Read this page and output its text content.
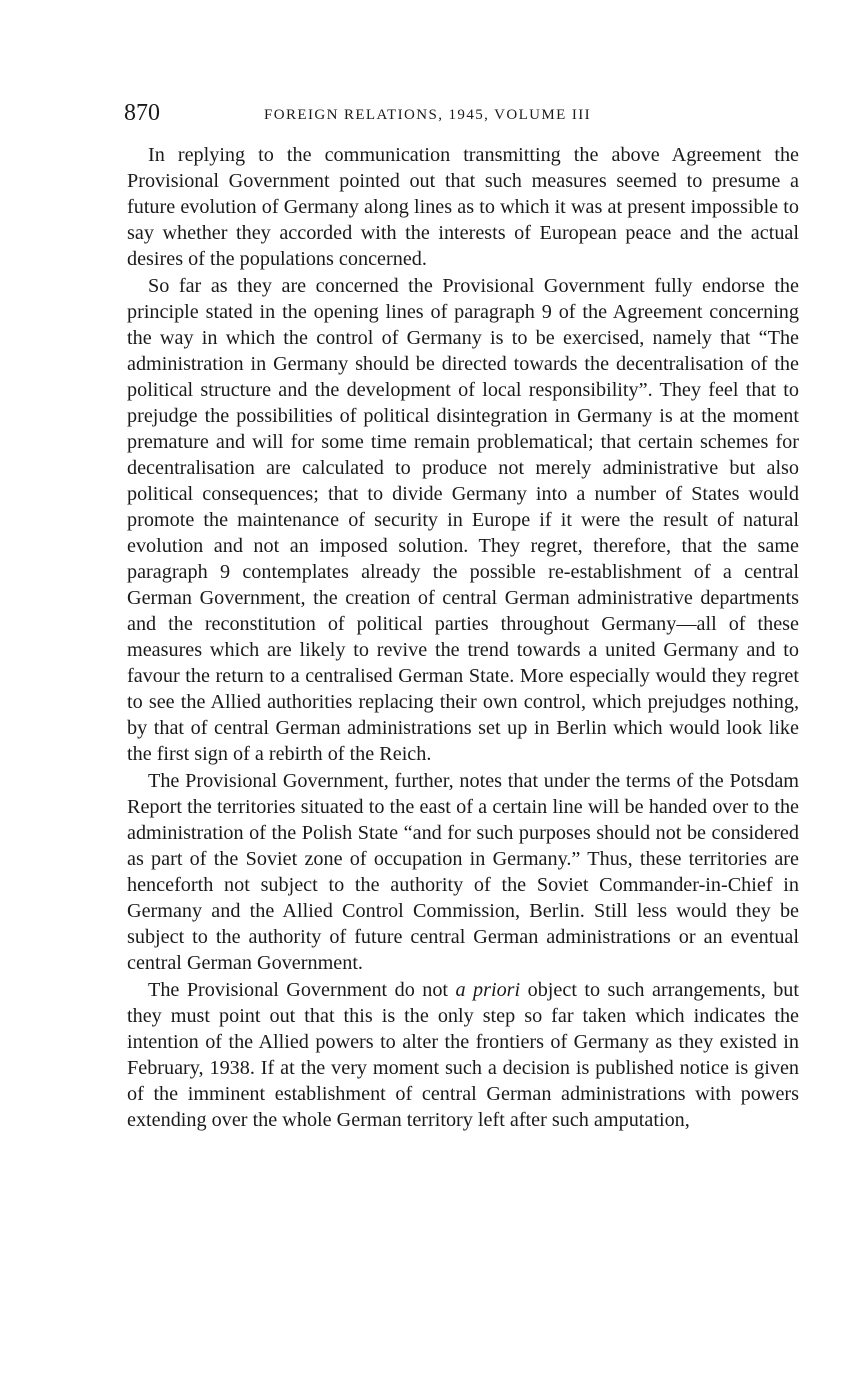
870	FOREIGN RELATIONS, 1945, VOLUME III

In replying to the communication transmitting the above Agreement the Provisional Government pointed out that such measures seemed to presume a future evolution of Germany along lines as to which it was at present impossible to say whether they accorded with the interests of European peace and the actual desires of the populations concerned.

So far as they are concerned the Provisional Government fully endorse the principle stated in the opening lines of paragraph 9 of the Agreement concerning the way in which the control of Germany is to be exercised, namely that “The administration in Germany should be directed towards the decentralisation of the political structure and the development of local responsibility”. They feel that to prejudge the possibilities of political disintegration in Germany is at the moment premature and will for some time remain problematical; that certain schemes for decentralisation are calculated to produce not merely administrative but also political consequences; that to divide Germany into a number of States would promote the maintenance of security in Europe if it were the result of natural evolution and not an imposed solution. They regret, therefore, that the same paragraph 9 contemplates already the possible re-establishment of a central German Government, the creation of central German administrative departments and the reconstitution of political parties throughout Germany—all of these measures which are likely to revive the trend towards a united Germany and to favour the return to a centralised German State. More especially would they regret to see the Allied authorities replacing their own control, which prejudges nothing, by that of central German administrations set up in Berlin which would look like the first sign of a rebirth of the Reich.

The Provisional Government, further, notes that under the terms of the Potsdam Report the territories situated to the east of a certain line will be handed over to the administration of the Polish State “and for such purposes should not be considered as part of the Soviet zone of occupation in Germany.” Thus, these territories are henceforth not subject to the authority of the Soviet Commander-in-Chief in Germany and the Allied Control Commission, Berlin. Still less would they be subject to the authority of future central German administrations or an eventual central German Government.

The Provisional Government do not a priori object to such arrangements, but they must point out that this is the only step so far taken which indicates the intention of the Allied powers to alter the frontiers of Germany as they existed in February, 1938. If at the very moment such a decision is published notice is given of the imminent establishment of central German administrations with powers extending over the whole German territory left after such amputation,
